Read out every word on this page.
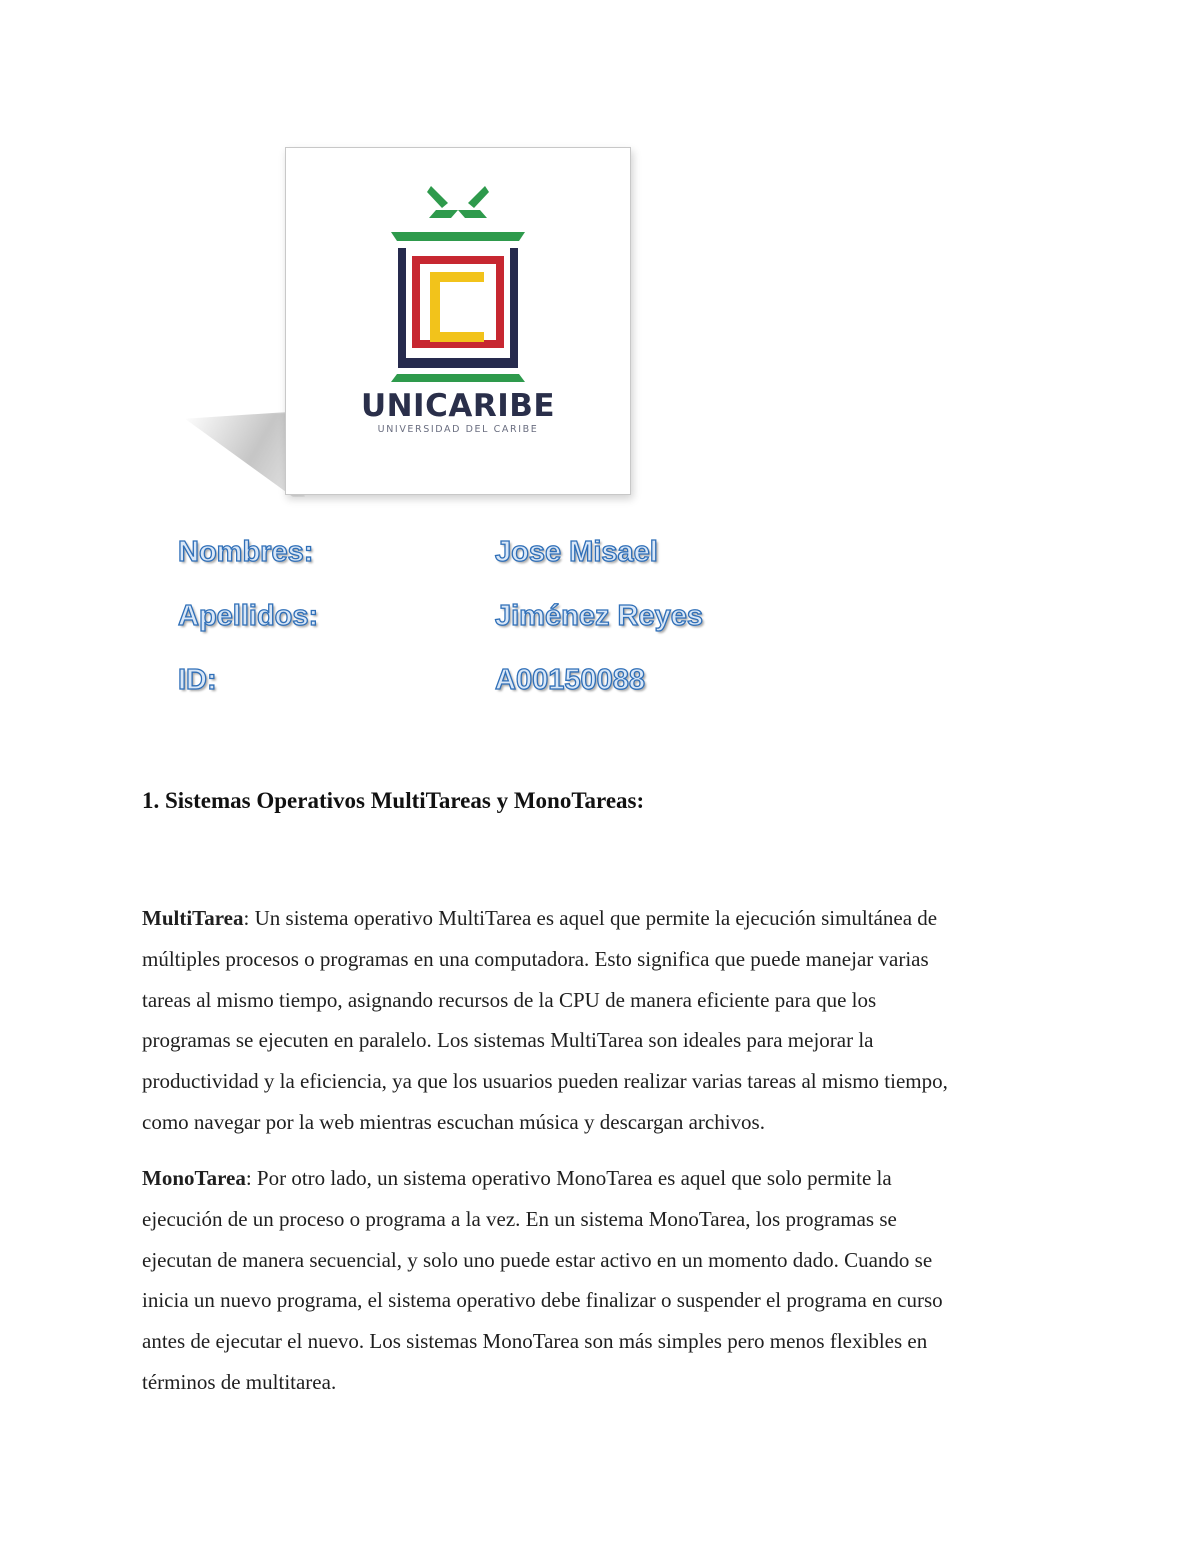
UNICARIBE
UNIVERSIDAD DEL CARIBE
Nombres:	Jose Misael
Apellidos:	Jiménez Reyes
ID:	A00150088
1. Sistemas Operativos MultiTareas y MonoTareas:
MultiTarea: Un sistema operativo MultiTarea es aquel que permite la ejecución simultánea de
múltiples procesos o programas en una computadora. Esto significa que puede manejar varias
tareas al mismo tiempo, asignando recursos de la CPU de manera eficiente para que los
programas se ejecuten en paralelo. Los sistemas MultiTarea son ideales para mejorar la
productividad y la eficiencia, ya que los usuarios pueden realizar varias tareas al mismo tiempo,
como navegar por la web mientras escuchan música y descargan archivos.
MonoTarea: Por otro lado, un sistema operativo MonoTarea es aquel que solo permite la
ejecución de un proceso o programa a la vez. En un sistema MonoTarea, los programas se
ejecutan de manera secuencial, y solo uno puede estar activo en un momento dado. Cuando se
inicia un nuevo programa, el sistema operativo debe finalizar o suspender el programa en curso
antes de ejecutar el nuevo. Los sistemas MonoTarea son más simples pero menos flexibles en
términos de multitarea.
